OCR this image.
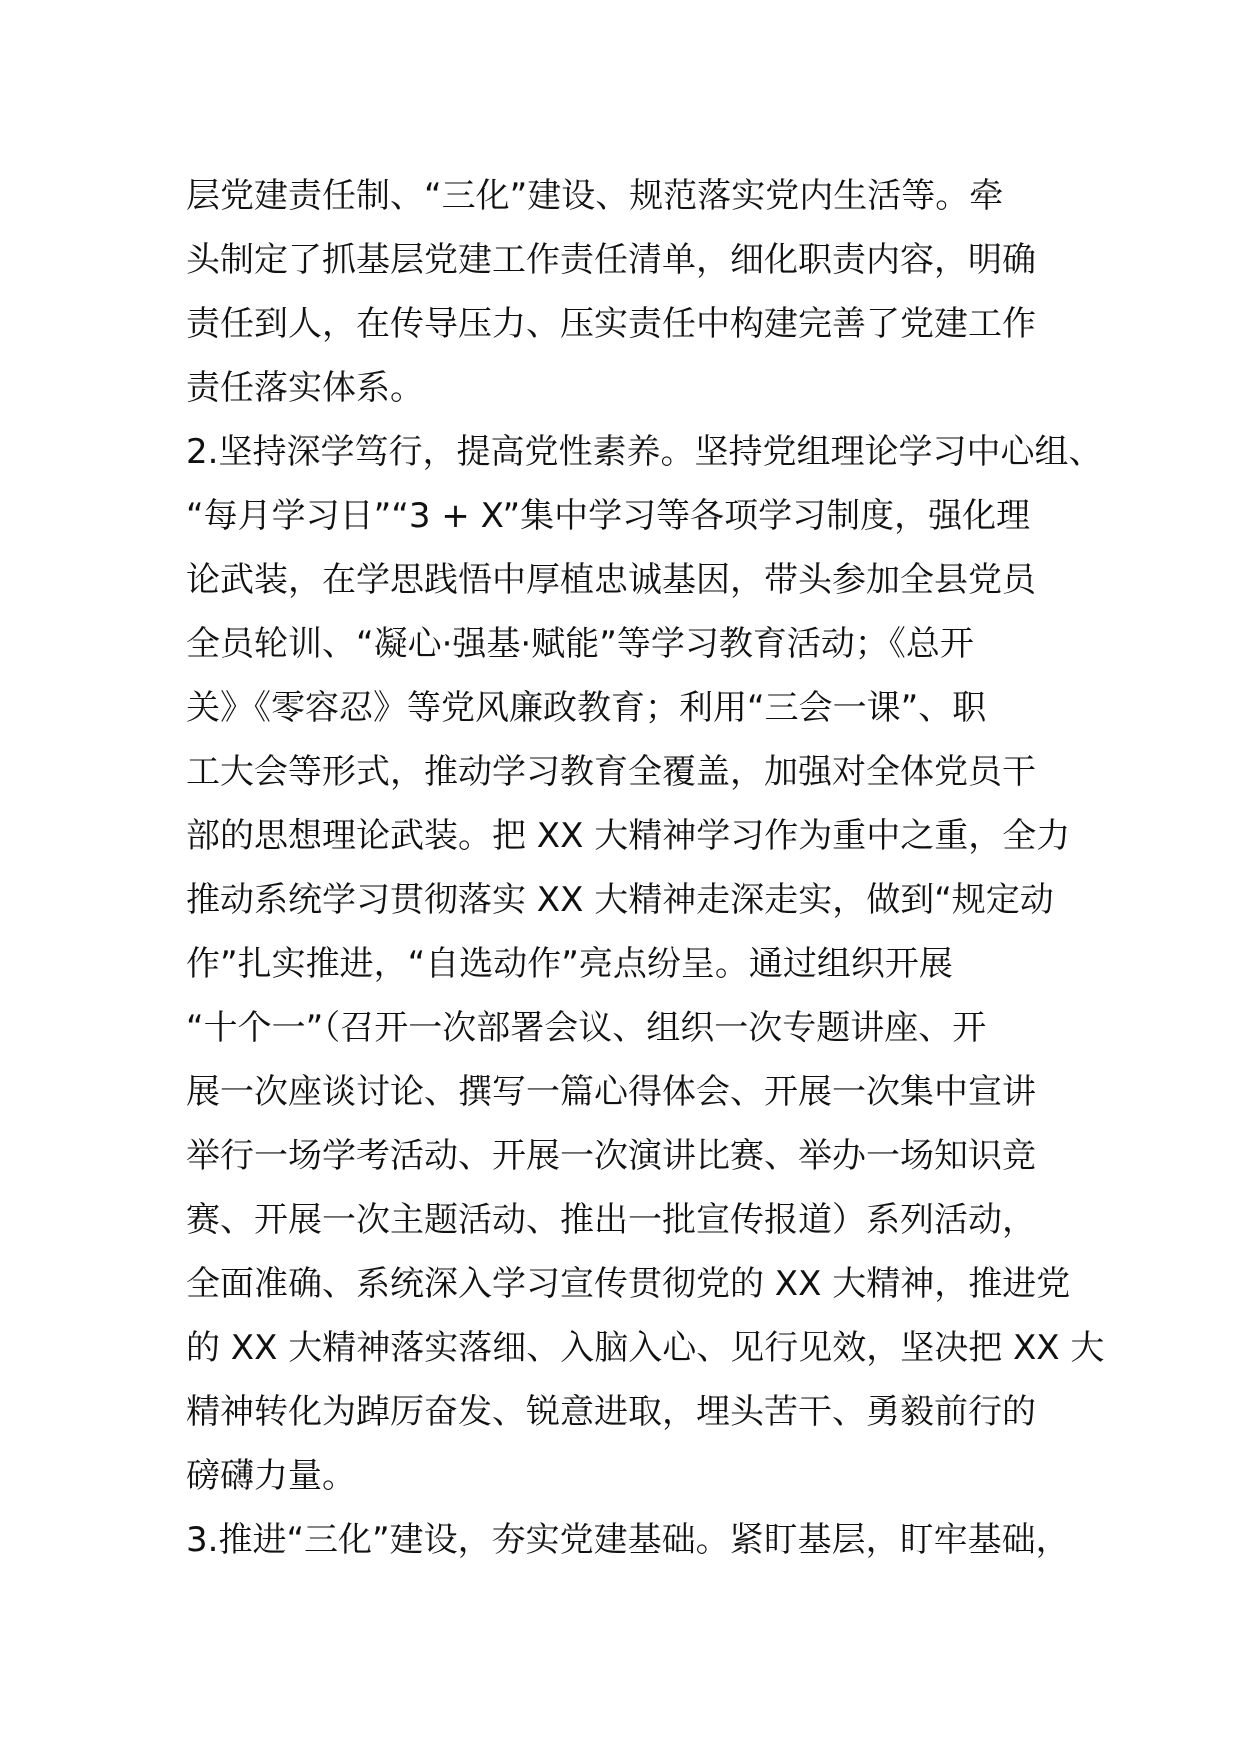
层党建责任制、“三化”建设、规范落实党内生活等。牵
头制定了抓基层党建工作责任清单，细化职责内容，明确
责任到人，在传导压力、压实责任中构建完善了党建工作
责任落实体系。
2.坚持深学笃行，提高党性素养。坚持党组理论学习中心组、
“每月学习日”“3 + X”集中学习等各项学习制度，强化理
论武装，在学思践悟中厚植忠诚基因，带头参加全县党员
全员轮训、“凝心·强基·赋能”等学习教育活动；《总开
关》《零容忍》等党风廉政教育；利用“三会一课”、职
工大会等形式，推动学习教育全覆盖，加强对全体党员干
部的思想理论武装。把 XX 大精神学习作为重中之重，全力
推动系统学习贯彻落实 XX 大精神走深走实，做到“规定动
作”扎实推进，“自选动作”亮点纷呈。通过组织开展
“十个一”（召开一次部署会议、组织一次专题讲座、开
展一次座谈讨论、撰写一篇心得体会、开展一次集中宣讲
举行一场学考活动、开展一次演讲比赛、举办一场知识竞
赛、开展一次主题活动、推出一批宣传报道）系列活动，
全面准确、系统深入学习宣传贯彻党的 XX 大精神，推进党
的 XX 大精神落实落细、入脑入心、见行见效，坚决把 XX 大
精神转化为踔厉奋发、锐意进取，埋头苦干、勇毅前行的
磅礴力量。
3.推进“三化”建设，夯实党建基础。紧盯基层，盯牢基础，
